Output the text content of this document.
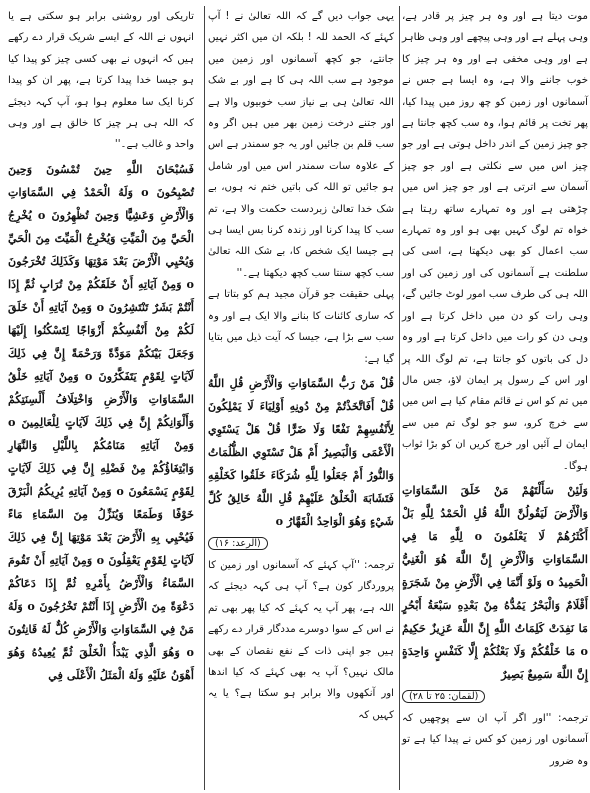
موت دیتا ہے اور وہ ہر چیز پر قادر ہے، وہی پہلے ہے اور وہی پیچھے اور وہی ظاہر ہے اور وہی مخفی ہے اور وہ ہر چیز کا خوب جاننے والا ہے، وہ ایسا ہے جس نے آسمانوں اور زمین کو چھ روز میں پیدا کیا، پھر تخت پر قائم ہوا، وہ سب کچھ جانتا ہے جو چیز زمین کے اندر داخل ہوتی ہے اور جو چیز اس میں سے نکلتی ہے اور جو چیز آسمان سے اترتی ہے اور جو چیز اس میں چڑھتی ہے اور وہ تمہارے ساتھ رہتا ہے خواہ تم لوگ کہیں بھی ہو اور وہ تمہارے سب اعمال کو بھی دیکھتا ہے، اسی کی سلطنت ہے آسمانوں کی اور زمین کی اور اللہ ہی کی طرف سب امور لوٹ جائیں گے، وہی رات کو دن میں داخل کرتا ہے اور وہی دن کو رات میں داخل کرتا ہے اور وہ دل کی باتوں کو جانتا ہے، تم لوگ اللہ پر اور اس کے رسول پر ایمان لاؤ، جس مال میں تم کو اس نے قائم مقام کیا ہے اس میں سے خرچ کرو، سو جو لوگ تم میں سے ایمان لے آئیں اور خرچ کریں ان کو بڑا ثواب ہوگا۔

وَلَئِنْ سَأَلْتَهُمْ مَنْ خَلَقَ السَّمَاوَاتِ وَالْأَرْضَ لَيَقُولُنَّ اللَّهُ قُلِ الْحَمْدُ لِلَّهِ بَلْ أَكْثَرُهُمْ لَا يَعْلَمُونَ o لِلَّهِ مَا فِي السَّمَاوَاتِ وَالْأَرْضِ إِنَّ اللَّهَ هُوَ الْغَنِيُّ الْحَمِيدُ o وَلَوْ أَنَّمَا فِي الْأَرْضِ مِنْ شَجَرَةٍ أَقْلَامٌ وَالْبَحْرُ يَمُدُّهُ مِنْ بَعْدِهِ سَبْعَةُ أَبْحُرٍ مَا نَفِدَتْ كَلِمَاتُ اللَّهِ إِنَّ اللَّهَ عَزِيزٌ حَكِيمٌ o مَا خَلْقُكُمْ وَلَا بَعْثُكُمْ إِلَّا كَنَفْسٍ وَاحِدَةٍ إِنَّ اللَّهَ سَمِيعٌ بَصِيرٌ

(لقمان: ۲۵ تا ۲۸)

ترجمہ: ''اور اگر آپ ان سے پوچھیں کہ آسمانوں اور زمین کو کس نے پیدا کیا ہے تو وہ ضرور

یہی جواب دیں گے کہ اللہ تعالیٰ نے ! آپ کہئے کہ الحمد للہ ! بلکہ ان میں اکثر نہیں جانتے، جو کچھ آسمانوں اور زمین میں موجود ہے سب اللہ ہی کا ہے اور بے شک اللہ تعالیٰ ہی بے نیاز سب خوبیوں والا ہے اور جتنے درخت زمین بھر میں ہیں اگر وہ سب قلم بن جائیں اور یہ جو سمندر ہے اس کے علاوہ سات سمندر اس میں اور شامل ہو جائیں تو اللہ کی باتیں ختم نہ ہوں، بے شک خدا تعالیٰ زبردست حکمت والا ہے، تم سب کا پیدا کرنا اور زندہ کرنا بس ایسا ہی ہے جیسا ایک شخص کا، بے شک اللہ تعالیٰ سب کچھ سنتا سب کچھ دیکھتا ہے۔''

پہلی حقیقت جو قرآن مجید ہم کو بتاتا ہے کہ ساری کائنات کا بنانے والا ایک ہے اور وہ سب سے بڑا ہے، جیسا کہ آیت ذیل میں بتایا گیا ہے:

قُلْ مَنْ رَبُّ السَّمَاوَاتِ وَالْأَرْضِ قُلِ اللَّهُ قُلْ أَفَاتَّخَذْتُمْ مِنْ دُونِهِ أَوْلِيَاءَ لَا يَمْلِكُونَ لِأَنْفُسِهِمْ نَفْعًا وَلَا ضَرًّا قُلْ هَلْ يَسْتَوِي الْأَعْمَى وَالْبَصِيرُ أَمْ هَلْ تَسْتَوِي الظُّلُمَاتُ وَالنُّورُ أَمْ جَعَلُوا لِلَّهِ شُرَكَاءَ خَلَقُوا كَخَلْقِهِ فَتَشَابَهَ الْخَلْقُ عَلَيْهِمْ قُلِ اللَّهُ خَالِقُ كُلِّ شَيْءٍ وَهُوَ الْوَاحِدُ الْقَهَّارُ o

(الرعد: ۱۶)

ترجمہ: ''آپ کہئے کہ آسمانوں اور زمین کا پروردگار کون ہے؟ آپ ہی کہہ دیجئے کہ اللہ ہے، پھر آپ یہ کہئے کہ کیا پھر بھی تم نے اس کے سوا دوسرے مددگار قرار دے رکھے ہیں جو اپنی ذات کے نفع نقصان کے بھی مالک نہیں؟ آپ یہ بھی کہئے کہ کیا اندھا اور آنکھوں والا برابر ہو سکتا ہے؟ یا یہ کہیں کہ

تاریکی اور روشنی برابر ہو سکتی ہے یا انہوں نے اللہ کے ایسے شریک قرار دے رکھے ہیں کہ انہوں نے بھی کسی چیز کو پیدا کیا ہو جیسا خدا پیدا کرتا ہے، پھر ان کو پیدا کرنا ایک سا معلوم ہوا ہو، آپ کہہ دیجئے کہ اللہ ہی ہر چیز کا خالق ہے اور وہی واحد و غالب ہے۔''

فَسُبْحَانَ اللَّهِ حِينَ تُمْسُونَ وَحِينَ تُصْبِحُونَ o وَلَهُ الْحَمْدُ فِي السَّمَاوَاتِ وَالْأَرْضِ وَعَشِيًّا وَحِينَ تُظْهِرُونَ o يُخْرِجُ الْحَيَّ مِنَ الْمَيِّتِ وَيُخْرِجُ الْمَيِّتَ مِنَ الْحَيِّ وَيُحْيِي الْأَرْضَ بَعْدَ مَوْتِهَا وَكَذَلِكَ تُخْرَجُونَ o وَمِنْ آيَاتِهِ أَنْ خَلَقَكُمْ مِنْ تُرَابٍ ثُمَّ إِذَا أَنْتُمْ بَشَرٌ تَنْتَشِرُونَ o وَمِنْ آيَاتِهِ أَنْ خَلَقَ لَكُمْ مِنْ أَنْفُسِكُمْ أَزْوَاجًا لِتَسْكُنُوا إِلَيْهَا وَجَعَلَ بَيْنَكُمْ مَوَدَّةً وَرَحْمَةً إِنَّ فِي ذَلِكَ لَآيَاتٍ لِقَوْمٍ يَتَفَكَّرُونَ o وَمِنْ آيَاتِهِ خَلْقُ السَّمَاوَاتِ وَالْأَرْضِ وَاخْتِلَافُ أَلْسِنَتِكُمْ وَأَلْوَانِكُمْ إِنَّ فِي ذَلِكَ لَآيَاتٍ لِلْعَالِمِينَ o وَمِنْ آيَاتِهِ مَنَامُكُمْ بِاللَّيْلِ وَالنَّهَارِ وَابْتِغَاؤُكُمْ مِنْ فَضْلِهِ إِنَّ فِي ذَلِكَ لَآيَاتٍ لِقَوْمٍ يَسْمَعُونَ o وَمِنْ آيَاتِهِ يُرِيكُمُ الْبَرْقَ خَوْفًا وَطَمَعًا وَيُنَزِّلُ مِنَ السَّمَاءِ مَاءً فَيُحْيِي بِهِ الْأَرْضَ بَعْدَ مَوْتِهَا إِنَّ فِي ذَلِكَ لَآيَاتٍ لِقَوْمٍ يَعْقِلُونَ o وَمِنْ آيَاتِهِ أَنْ تَقُومَ السَّمَاءُ وَالْأَرْضُ بِأَمْرِهِ ثُمَّ إِذَا دَعَاكُمْ دَعْوَةً مِنَ الْأَرْضِ إِذَا أَنْتُمْ تَخْرُجُونَ o وَلَهُ مَنْ فِي السَّمَاوَاتِ وَالْأَرْضِ كُلٌّ لَهُ قَانِتُونَ o وَهُوَ الَّذِي يَبْدَأُ الْخَلْقَ ثُمَّ يُعِيدُهُ وَهُوَ أَهْوَنُ عَلَيْهِ وَلَهُ الْمَثَلُ الْأَعْلَى فِي
